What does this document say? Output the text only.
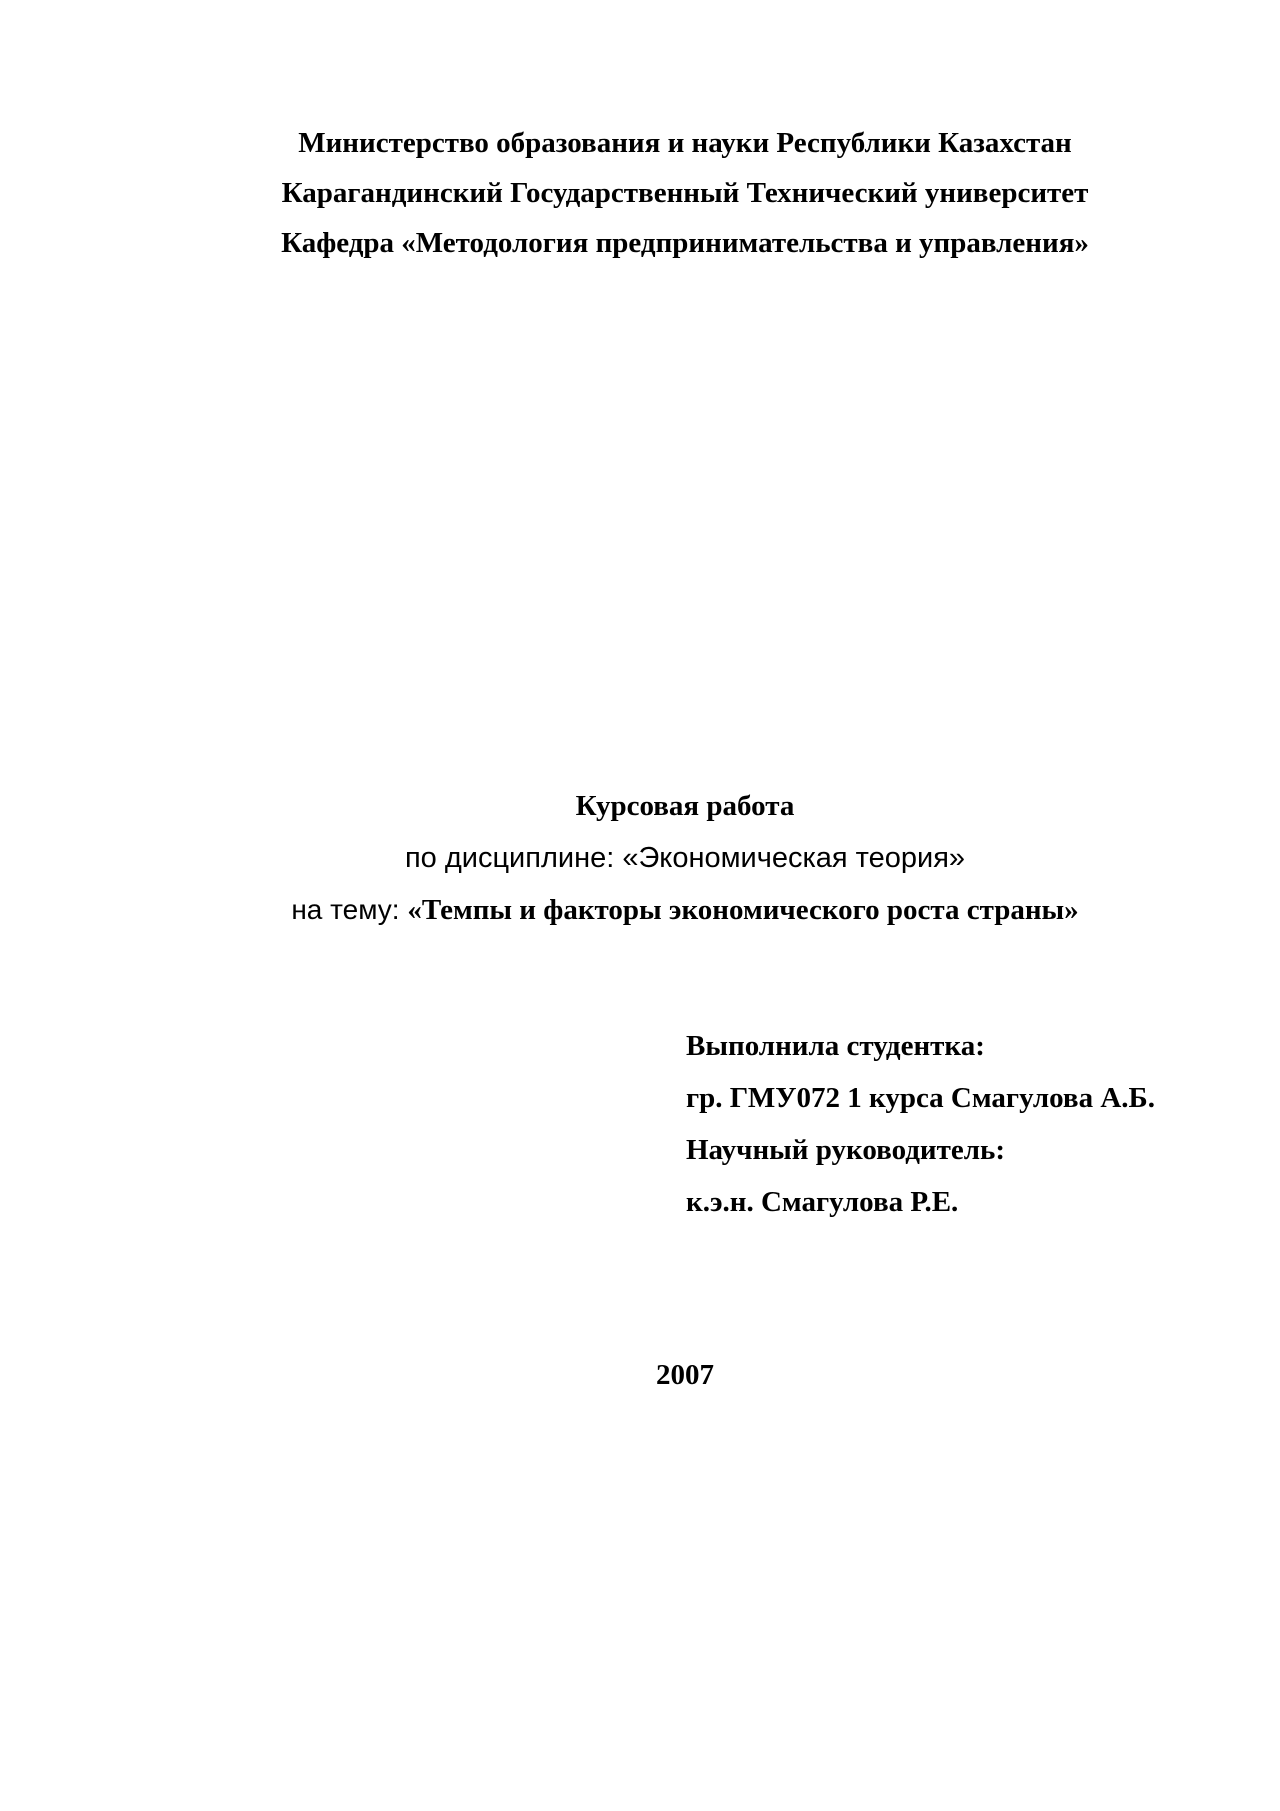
Министерство образования и науки Республики Казахстан
Карагандинский Государственный Технический университет
Кафедра «Методология предпринимательства и управления»
Курсовая работа
по дисциплине: «Экономическая теория»
на тему: «Темпы и факторы экономического роста страны»
Выполнила студентка:
гр. ГМУ072 1 курса Смагулова А.Б.
Научный руководитель:
к.э.н. Смагулова Р.Е.
2007
